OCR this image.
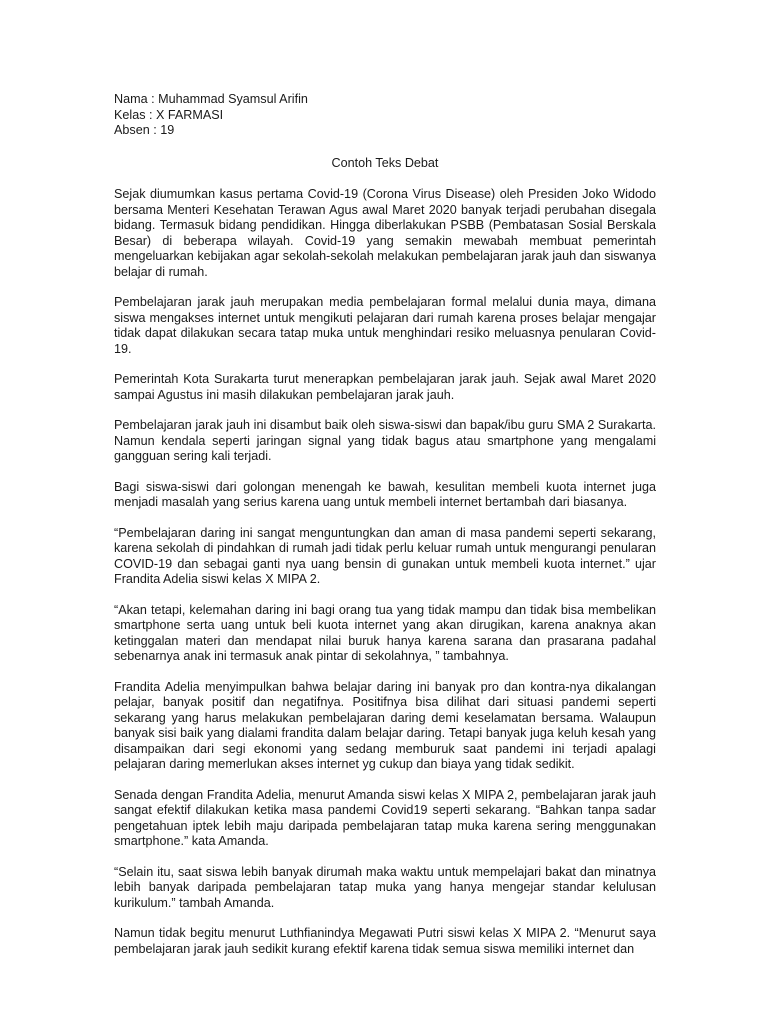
Nama : Muhammad Syamsul Arifin

Kelas : X FARMASI

Absen : 19

Contoh Teks Debat

Sejak diumumkan kasus pertama Covid-19 (Corona Virus Disease) oleh Presiden Joko Widodo bersama Menteri Kesehatan Terawan Agus awal Maret 2020 banyak terjadi perubahan disegala bidang. Termasuk bidang pendidikan. Hingga diberlakukan PSBB (Pembatasan Sosial Berskala Besar) di beberapa wilayah. Covid-19 yang semakin mewabah membuat pemerintah mengeluarkan kebijakan agar sekolah-sekolah melakukan pembelajaran jarak jauh dan siswanya belajar di rumah.

Pembelajaran jarak jauh merupakan media pembelajaran formal melalui dunia maya, dimana siswa mengakses internet untuk mengikuti pelajaran dari rumah karena proses belajar mengajar tidak dapat dilakukan secara tatap muka untuk menghindari resiko meluasnya penularan Covid-19.

Pemerintah Kota Surakarta turut menerapkan pembelajaran jarak jauh. Sejak awal Maret 2020 sampai Agustus ini masih dilakukan pembelajaran jarak jauh.

Pembelajaran jarak jauh ini disambut baik oleh siswa-siswi dan bapak/ibu guru SMA 2 Surakarta. Namun kendala seperti jaringan signal yang tidak bagus atau smartphone yang mengalami gangguan sering kali terjadi.

Bagi siswa-siswi dari golongan menengah ke bawah, kesulitan membeli kuota internet juga menjadi masalah yang serius karena uang untuk membeli internet bertambah dari biasanya.

“Pembelajaran daring ini sangat menguntungkan dan aman di masa pandemi seperti sekarang, karena sekolah di pindahkan di rumah jadi tidak perlu keluar rumah untuk mengurangi penularan COVID-19 dan sebagai ganti nya uang bensin di gunakan untuk membeli kuota internet.” ujar Frandita Adelia siswi kelas X MIPA 2.

“Akan tetapi, kelemahan daring ini bagi orang tua yang tidak mampu dan tidak bisa membelikan smartphone serta uang untuk beli kuota internet yang akan dirugikan, karena anaknya akan ketinggalan materi dan mendapat nilai buruk hanya karena sarana dan prasarana padahal sebenarnya anak ini termasuk anak pintar di sekolahnya, ” tambahnya.

Frandita Adelia menyimpulkan bahwa belajar daring ini banyak pro dan kontra-nya dikalangan pelajar, banyak positif dan negatifnya. Positifnya bisa dilihat dari situasi pandemi seperti sekarang yang harus melakukan pembelajaran daring demi keselamatan bersama. Walaupun banyak sisi baik yang dialami frandita dalam belajar daring. Tetapi banyak juga keluh kesah yang disampaikan dari segi ekonomi yang sedang memburuk saat pandemi ini terjadi apalagi pelajaran daring memerlukan akses internet yg cukup dan biaya yang tidak sedikit.

Senada dengan Frandita Adelia, menurut Amanda siswi kelas X MIPA 2, pembelajaran jarak jauh sangat efektif dilakukan ketika masa pandemi Covid19 seperti sekarang. “Bahkan tanpa sadar pengetahuan iptek lebih maju daripada pembelajaran tatap muka karena sering menggunakan smartphone.” kata Amanda.

“Selain itu, saat siswa lebih banyak dirumah maka waktu untuk mempelajari bakat dan minatnya lebih banyak daripada pembelajaran tatap muka yang hanya mengejar standar kelulusan kurikulum.” tambah Amanda.

Namun tidak begitu menurut Luthfianindya Megawati Putri siswi kelas X MIPA 2. “Menurut saya pembelajaran jarak jauh sedikit kurang efektif karena tidak semua siswa memiliki internet dan
